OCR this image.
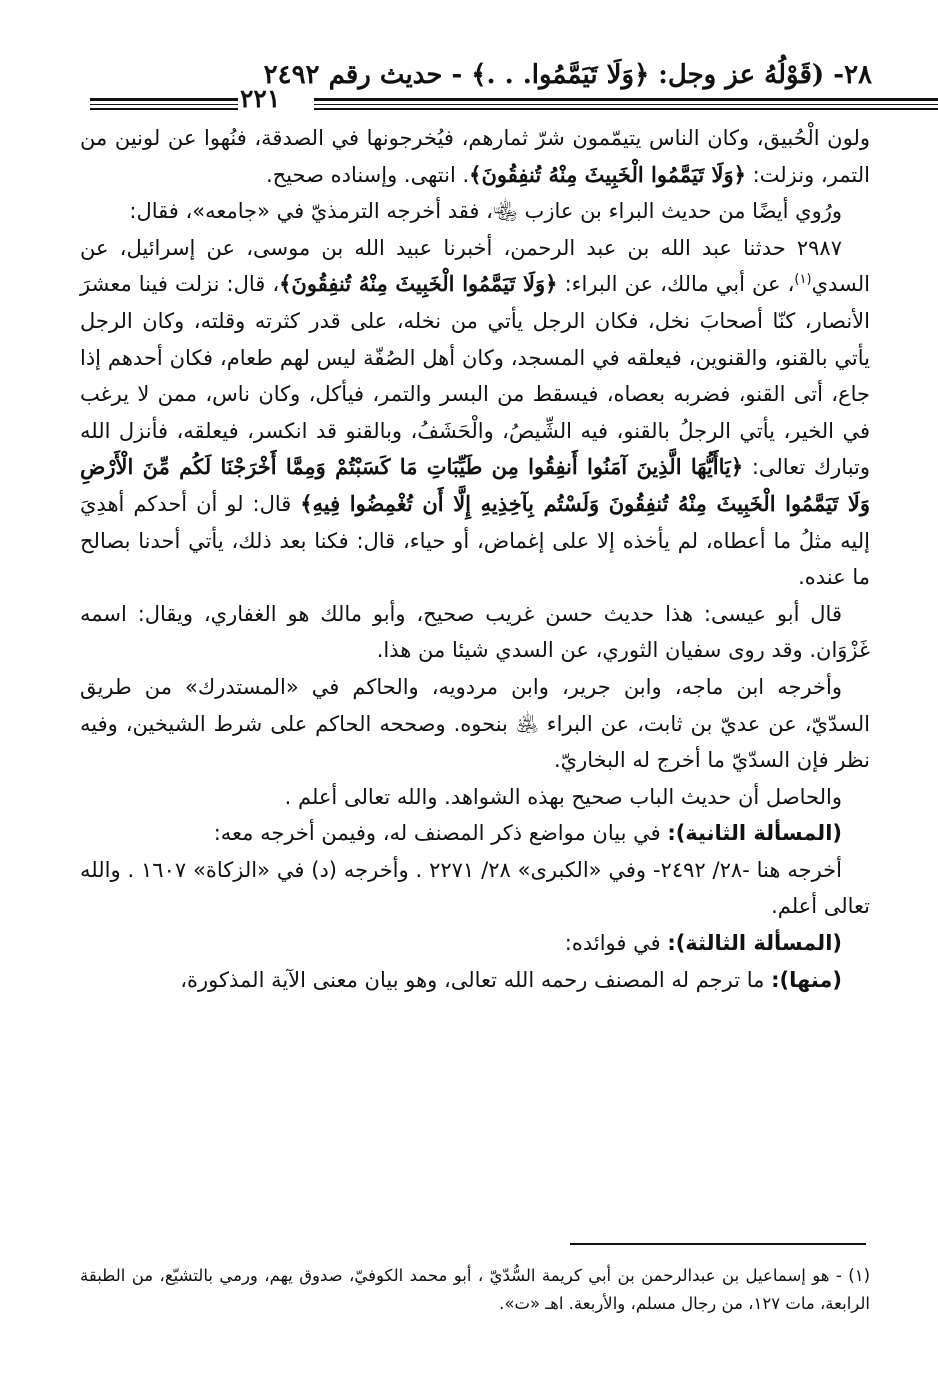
٢٨- (قَوْلُهُ عز وجل: ﴿وَلَا تَيَمَّمُوا. . .﴾ - حديث رقم ٢٤٩٢
٢٢١

ولون الْحُبيق، وكان الناس يتيمّمون شرّ ثمارهم، فيُخرجونها في الصدقة، فنُهوا عن لونين من التمر، ونزلت: ﴿وَلَا تَيَمَّمُوا الْخَبِيثَ مِنْهُ تُنفِقُونَ﴾. انتهى. وإسناده صحيح.

ورُوي أيضًا من حديث البراء بن عازب ﵄، فقد أخرجه الترمذيّ في «جامعه»، فقال:

٢٩٨٧ حدثنا عبد الله بن عبد الرحمن، أخبرنا عبيد الله بن موسى، عن إسرائيل، عن السدي$^{(١)}$، عن أبي مالك، عن البراء: ﴿وَلَا تَيَمَّمُوا الْخَبِيثَ مِنْهُ تُنفِقُونَ﴾، قال: نزلت فينا معشرَ الأنصار، كنّا أصحابَ نخل، فكان الرجل يأتي من نخله، على قدر كثرته وقلته، وكان الرجل يأتي بالقنو، والقنوين، فيعلقه في المسجد، وكان أهل الصُفّة ليس لهم طعام، فكان أحدهم إذا جاع، أتى القنو، فضربه بعصاه، فيسقط من البسر والتمر، فيأكل، وكان ناس، ممن لا يرغب في الخير، يأتي الرجلُ بالقنو، فيه الشِّيصُ، والْحَشَفُ، وبالقنو قد انكسر، فيعلقه، فأنزل الله وتبارك تعالى: ﴿يَاأَيُّهَا الَّذِينَ آمَنُوا أَنفِقُوا مِن طَيِّبَاتِ مَا كَسَبْتُمْ وَمِمَّا أَخْرَجْنَا لَكُم مِّنَ الْأَرْضِ وَلَا تَيَمَّمُوا الْخَبِيثَ مِنْهُ تُنفِقُونَ وَلَسْتُم بِآخِذِيهِ إِلَّا أَن تُغْمِضُوا فِيهِ﴾ قال: لو أن أحدكم أهدِيَ إليه مثلُ ما أعطاه، لم يأخذه إلا على إغماض، أو حياء، قال: فكنا بعد ذلك، يأتي أحدنا بصالح ما عنده.

قال أبو عيسى: هذا حديث حسن غريب صحيح، وأبو مالك هو الغفاري، ويقال: اسمه غَزْوَان. وقد روى سفيان الثوري، عن السدي شيئا من هذا.

وأخرجه ابن ماجه، وابن جرير، وابن مردويه، والحاكم في «المستدرك» من طريق السدّيّ، عن عديّ بن ثابت، عن البراء ﵁ بنحوه. وصححه الحاكم على شرط الشيخين، وفيه نظر فإن السدّيّ ما أخرج له البخاريّ.

والحاصل أن حديث الباب صحيح بهذه الشواهد. والله تعالى أعلم .

(المسألة الثانية): في بيان مواضع ذكر المصنف له، وفيمن أخرجه معه:

أخرجه هنا -٢٨/ ٢٤٩٢- وفي «الكبرى» ٢٨/ ٢٢٧١ . وأخرجه (د) في «الزكاة» ١٦٠٧ . والله تعالى أعلم.

(المسألة الثالثة): في فوائده:

(منها): ما ترجم له المصنف رحمه الله تعالى، وهو بيان معنى الآية المذكورة،

(١) - هو إسماعيل بن عبدالرحمن بن أبي كريمة السُّدّيّ ، أبو محمد الكوفيّ، صدوق يهم، ورمي بالتشيّع، من الطبقة الرابعة، مات ١٢٧، من رجال مسلم، والأربعة. اهـ «ت».
